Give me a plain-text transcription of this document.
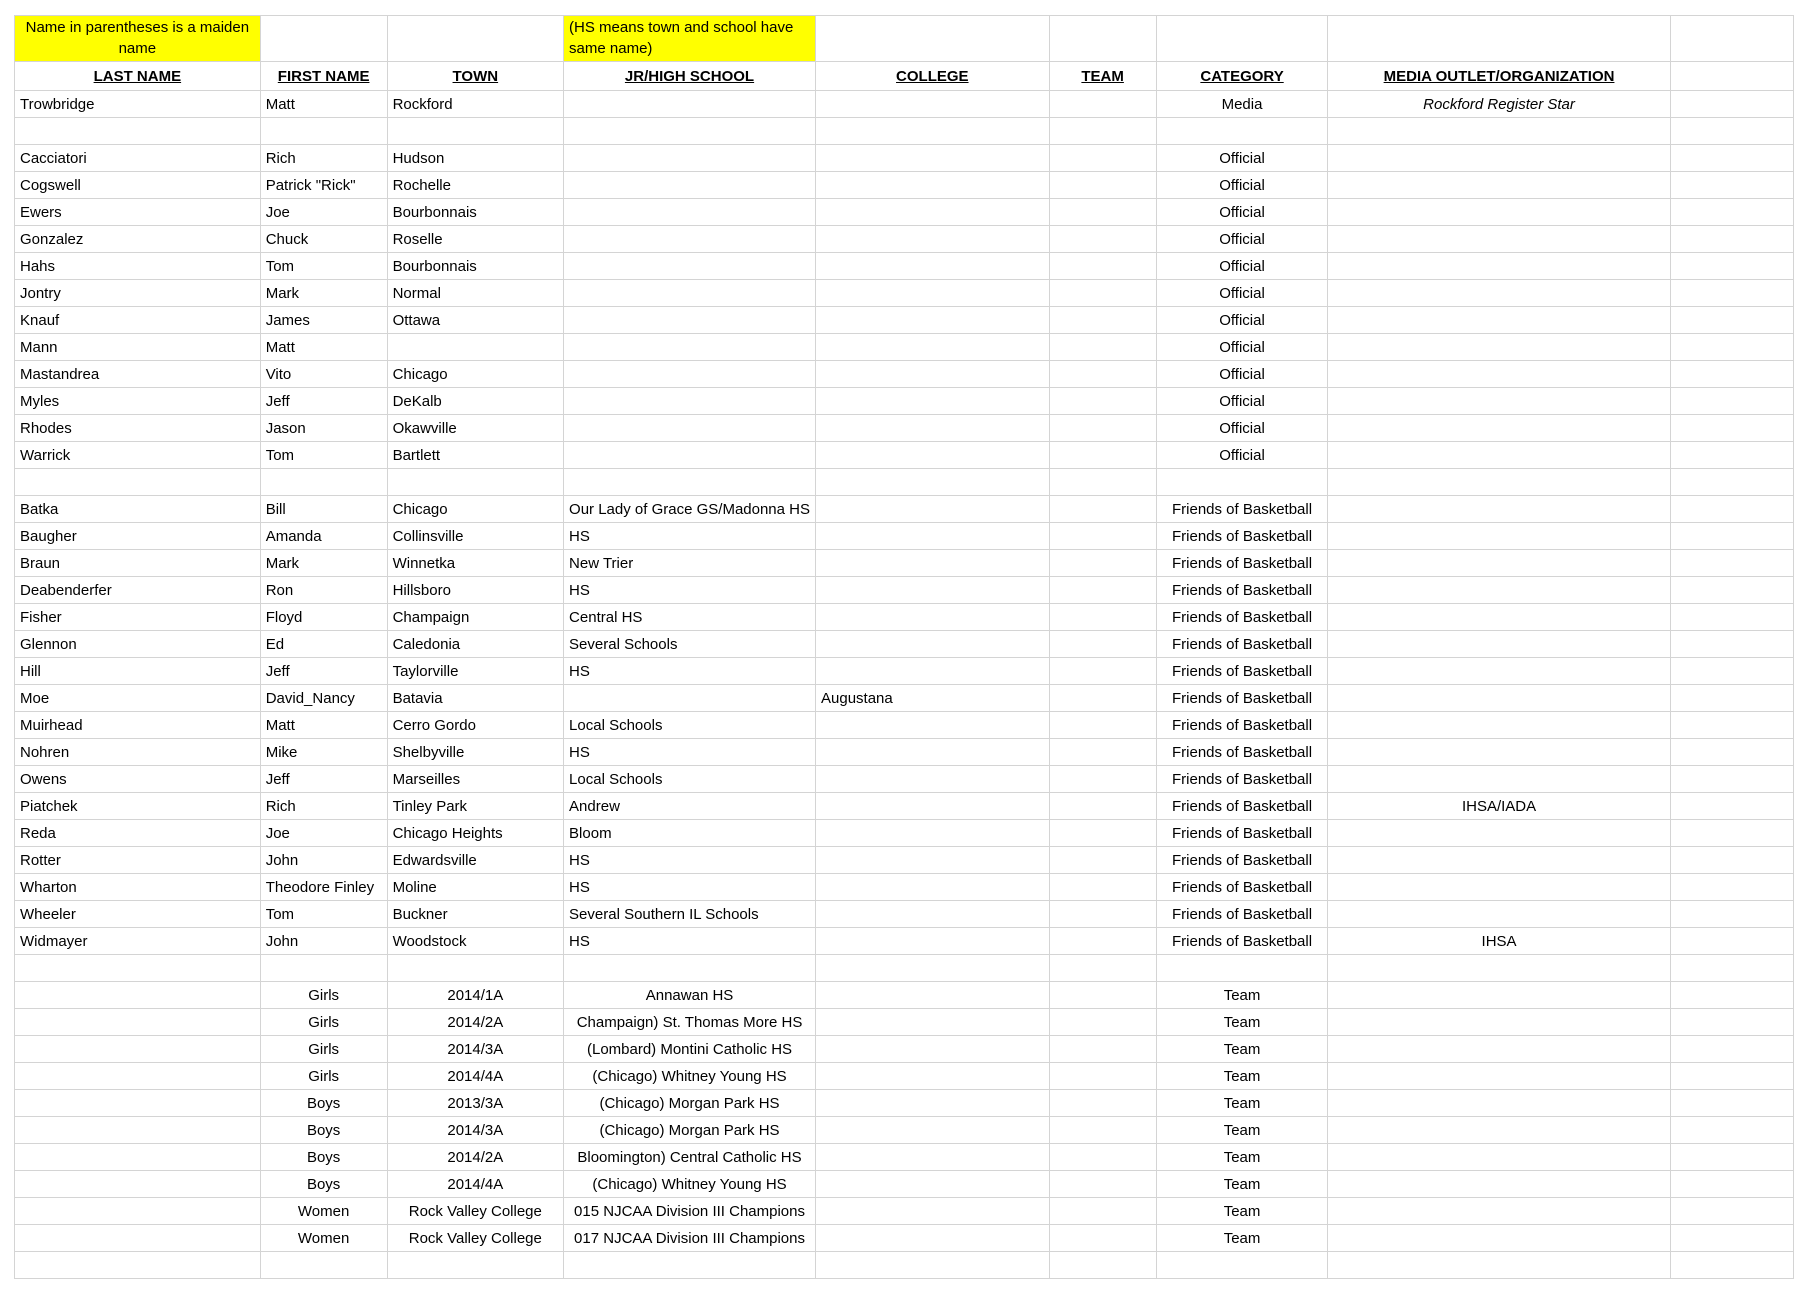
Name in parentheses is a maiden name			(HS means town and school have same name)					
LAST NAME	FIRST NAME	TOWN	JR/HIGH SCHOOL	COLLEGE	TEAM	CATEGORY	MEDIA OUTLET/ORGANIZATION	
Trowbridge	Matt	Rockford				Media	Rockford Register Star	

Cacciatori	Rich	Hudson				Official		
Cogswell	Patrick "Rick"	Rochelle				Official		
Ewers	Joe	Bourbonnais				Official		
Gonzalez	Chuck	Roselle				Official		
Hahs	Tom	Bourbonnais				Official		
Jontry	Mark	Normal				Official		
Knauf	James	Ottawa				Official		
Mann	Matt					Official		
Mastandrea	Vito	Chicago				Official		
Myles	Jeff	DeKalb				Official		
Rhodes	Jason	Okawville				Official		
Warrick	Tom	Bartlett				Official		

Batka	Bill	Chicago	Our Lady of Grace GS/Madonna HS			Friends of Basketball		
Baugher	Amanda	Collinsville	HS			Friends of Basketball		
Braun	Mark	Winnetka	New Trier			Friends of Basketball		
Deabenderfer	Ron	Hillsboro	HS			Friends of Basketball		
Fisher	Floyd	Champaign	Central HS			Friends of Basketball		
Glennon	Ed	Caledonia	Several Schools			Friends of Basketball		
Hill	Jeff	Taylorville	HS			Friends of Basketball		
Moe	David_Nancy	Batavia		Augustana		Friends of Basketball		
Muirhead	Matt	Cerro Gordo	Local Schools			Friends of Basketball		
Nohren	Mike	Shelbyville	HS			Friends of Basketball		
Owens	Jeff	Marseilles	Local Schools			Friends of Basketball		
Piatchek	Rich	Tinley Park	Andrew			Friends of Basketball	IHSA/IADA	
Reda	Joe	Chicago Heights	Bloom			Friends of Basketball		
Rotter	John	Edwardsville	HS			Friends of Basketball		
Wharton	Theodore Finley	Moline	HS			Friends of Basketball		
Wheeler	Tom	Buckner	Several Southern IL Schools			Friends of Basketball		
Widmayer	John	Woodstock	HS			Friends of Basketball	IHSA	

	Girls	2014/1A	Annawan HS			Team		
	Girls	2014/2A	Champaign) St. Thomas More HS			Team		
	Girls	2014/3A	(Lombard) Montini Catholic HS			Team		
	Girls	2014/4A	(Chicago) Whitney Young HS			Team		
	Boys	2013/3A	(Chicago) Morgan Park HS			Team		
	Boys	2014/3A	(Chicago) Morgan Park HS			Team		
	Boys	2014/2A	Bloomington) Central Catholic HS			Team		
	Boys	2014/4A	(Chicago) Whitney Young HS			Team		
	Women	Rock Valley College	015 NJCAA Division III Champions			Team		
	Women	Rock Valley College	017 NJCAA Division III Champions			Team		
